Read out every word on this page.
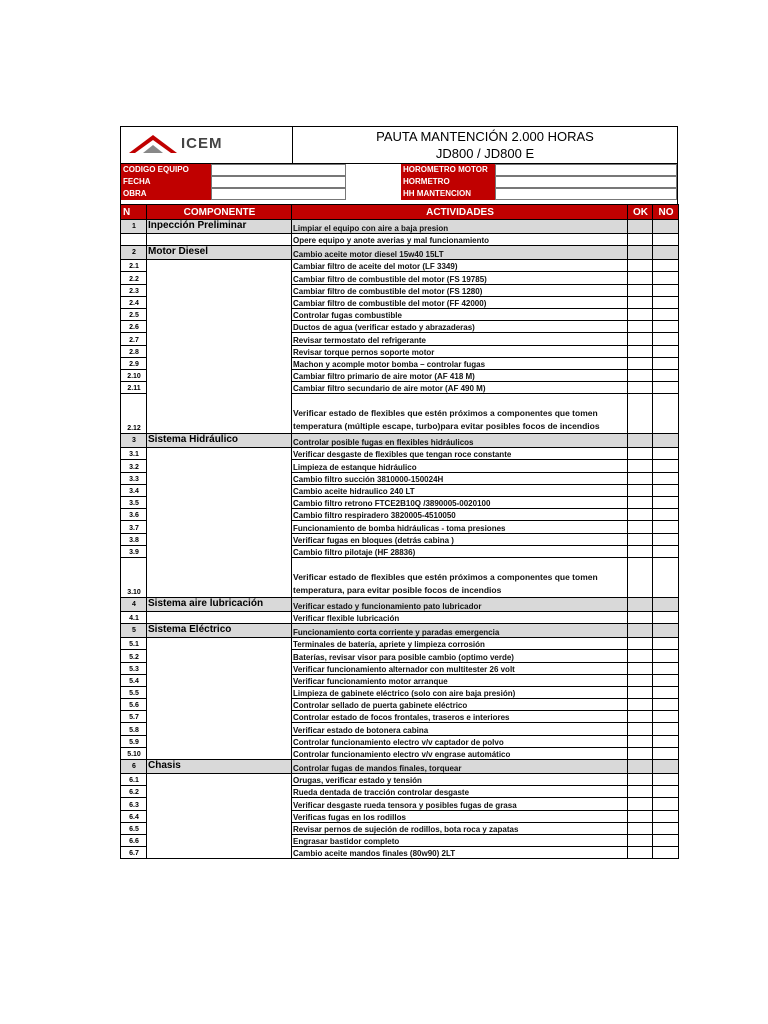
ICEM	PAUTA MANTENCIÓN 2.000 HORAS
JD800 / JD800 E
CODIGO EQUIPO
FECHA
OBRA
HOROMETRO MOTOR
HORMETRO
HH MANTENCION
N	COMPONENTE	ACTIVIDADES	OK	NO
1	Inpección Preliminar	Limpiar el equipo con aire a baja presion		
		Opere equipo y anote averias y mal funcionamiento		
2	Motor Diesel	Cambio aceite motor diesel 15w40 15LT		
2.1		Cambiar filtro de aceite del motor (LF 3349)		
2.2		Cambiar filtro de combustible del motor (FS 19785)		
2.3		Cambiar filtro de combustible del motor (FS 1280)		
2.4		Cambiar filtro de combustible del motor (FF 42000)		
2.5		Controlar fugas combustible		
2.6		Ductos de agua (verificar estado y abrazaderas)		
2.7		Revisar termostato del refrigerante		
2.8		Revisar torque pernos soporte motor		
2.9		Machon y acomple motor bomba – controlar fugas		
2.10		Cambiar filtro primario de aire motor (AF 418 M)		
2.11		Cambiar filtro secundario de aire motor (AF 490 M)		
2.12		Verificar estado de flexibles que estén próximos a componentes que tomen temperatura (múltiple escape, turbo)para evitar posibles focos de incendios		
3	Sistema Hidráulico	Controlar posible fugas en flexibles hidráulicos		
3.1		Verificar desgaste de flexibles que tengan roce constante		
3.2		Limpieza de estanque hidráulico		
3.3		Cambio filtro succión 3810000-150024H		
3.4		Cambio aceite hidraulico 240 LT		
3.5		Cambio filtro retrono FTCE2B10Q /3890005-0020100		
3.6		Cambio filtro respiradero 3820005-4510050		
3.7		Funcionamiento de bomba hidráulicas - toma presiones		
3.8		Verificar fugas en bloques (detrás cabina )		
3.9		Cambio filtro pilotaje (HF 28836)		
3.10		Verificar estado de flexibles que estén próximos a componentes que tomen temperatura, para evitar posible focos de incendios		
4	Sistema aire lubricación	Verificar estado y funcionamiento pato lubricador		
4.1		Verificar flexible lubricación		
5	Sistema Eléctrico	Funcionamiento corta corriente y paradas emergencia		
5.1		Terminales de batería, apriete y limpieza corrosión		
5.2		Baterías, revisar visor para posible cambio (optimo verde)		
5.3		Verificar funcionamiento alternador con multitester 26 volt		
5.4		Verificar funcionamiento motor arranque		
5.5		Limpieza de gabinete eléctrico (solo con aire baja presión)		
5.6		Controlar sellado de puerta gabinete eléctrico		
5.7		Controlar estado de focos frontales, traseros e interiores		
5.8		Verificar estado de botonera cabina		
5.9		Controlar funcionamiento electro v/v captador de polvo		
5.10		Controlar funcionamiento electro v/v engrase automático		
6	Chasis	Controlar fugas de mandos finales, torquear		
6.1		Orugas, verificar estado y tensión		
6.2		Rueda dentada de tracción controlar desgaste		
6.3		Verificar desgaste rueda tensora y posibles fugas de grasa		
6.4		Verificas fugas en los rodillos		
6.5		Revisar pernos de sujeción de rodillos, bota roca y zapatas		
6.6		Engrasar bastidor completo		
6.7		Cambio aceite mandos finales (80w90) 2LT		
